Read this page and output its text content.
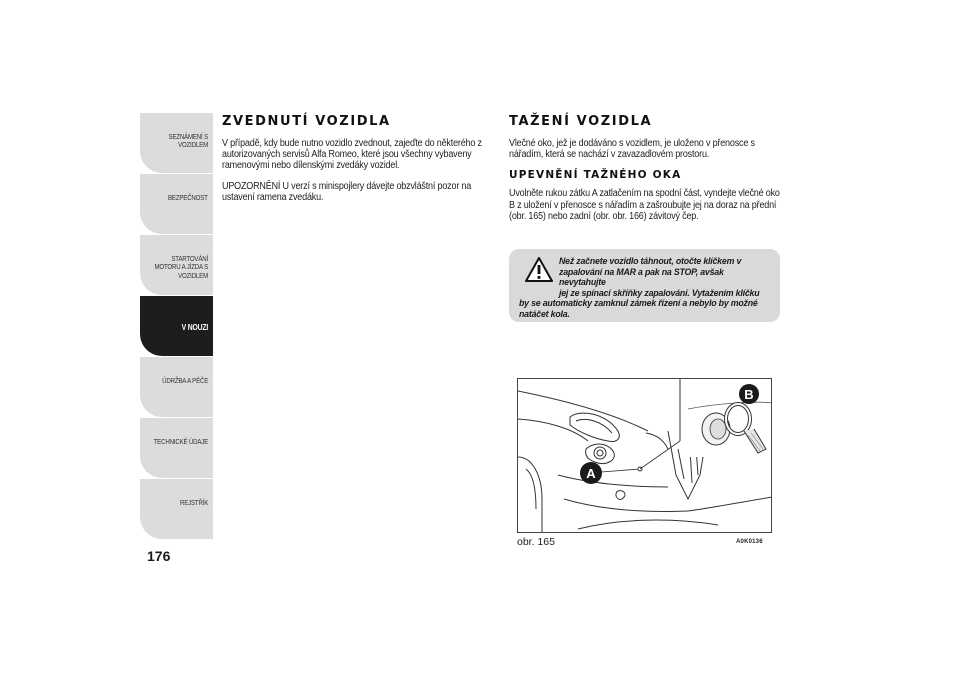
SEZNÁMENÍ S VOZIDLEM
BEZPEČNOST
STARTOVÁNÍ MOTORU A JÍZDA S VOZIDLEM
V NOUZI
ÚDRŽBA A PÉČE
TECHNICKÉ ÚDAJE
REJSTŘÍK
176
ZVEDNUTÍ VOZIDLA

V případě, kdy bude nutno vozidlo zvednout, zajeďte do některého z autorizovaných servisů Alfa Romeo, které jsou všechny vybaveny ramenovými nebo dílenskými zvedáky vozidel.

UPOZORNĚNÍ U verzí s minispojlery dávejte obzvláštní pozor na ustavení ramena zvedáku.

TAŽENÍ VOZIDLA

Vlečné oko, jež je dodáváno s vozidlem, je uloženo v přenosce s nářadím, která se nachází v zavazadlovém prostoru.

UPEVNĚNÍ TAŽNÉHO OKA

Uvolněte rukou zátku A zatlačením na spodní část, vyndejte vlečné oko B z uložení v přenosce s nářadím a zašroubujte jej na doraz na přední (obr. 165) nebo zadní (obr. obr. 166) závitový čep.

Než začnete vozidlo táhnout, otočte klíčkem v
zapalování na MAR a pak na STOP, avšak nevytahujte
jej ze spínací skříňky zapalování. Vytažením klíčku
by se automaticky zamknul zámek řízení a nebylo by možné
natáčet kola.
A
B
obr. 165	A0K0136
